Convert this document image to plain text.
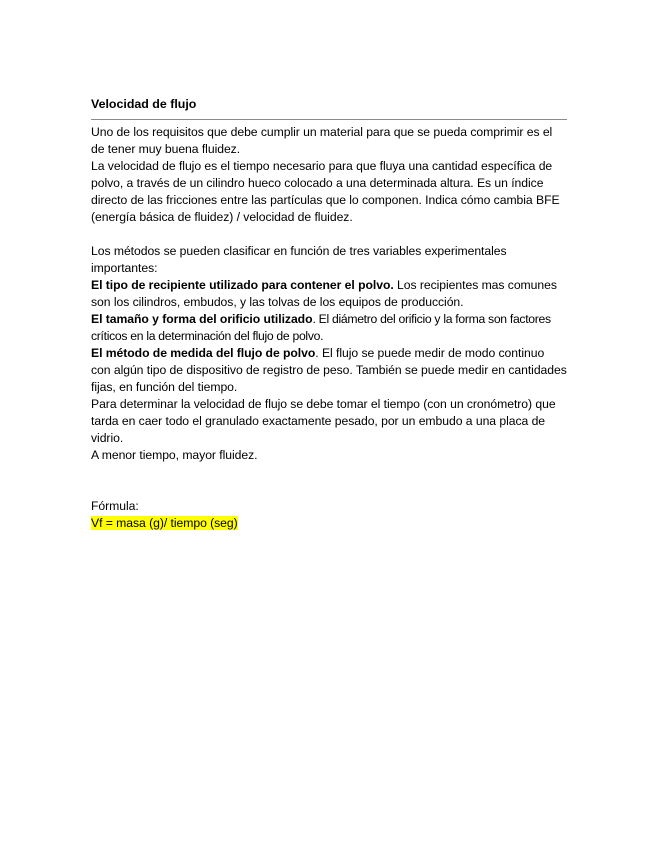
Velocidad de flujo

Uno de los requisitos que debe cumplir un material para que se pueda comprimir es el de tener muy buena fluidez.

La velocidad de flujo es el tiempo necesario para que fluya una cantidad específica de polvo, a través de un cilindro hueco colocado a una determinada altura. Es un índice directo de las fricciones entre las partículas que lo componen. Indica cómo cambia BFE (energía básica de fluidez) / velocidad de fluidez.

Los métodos se pueden clasificar en función de tres variables experimentales importantes:

El tipo de recipiente utilizado para contener el polvo. Los recipientes mas comunes son los cilindros, embudos, y las tolvas de los equipos de producción.

El tamaño y forma del orificio utilizado. El diámetro del orificio y la forma son factores críticos en la determinación del flujo de polvo.

El método de medida del flujo de polvo. El flujo se puede medir de modo continuo con algún tipo de dispositivo de registro de peso. También se puede medir en cantidades fijas, en función del tiempo.

Para determinar la velocidad de flujo se debe tomar el tiempo (con un cronómetro) que tarda en caer todo el granulado exactamente pesado, por un embudo a una placa de vidrio.

A menor tiempo, mayor fluidez.

Fórmula:

Vf = masa (g)/ tiempo (seg)
